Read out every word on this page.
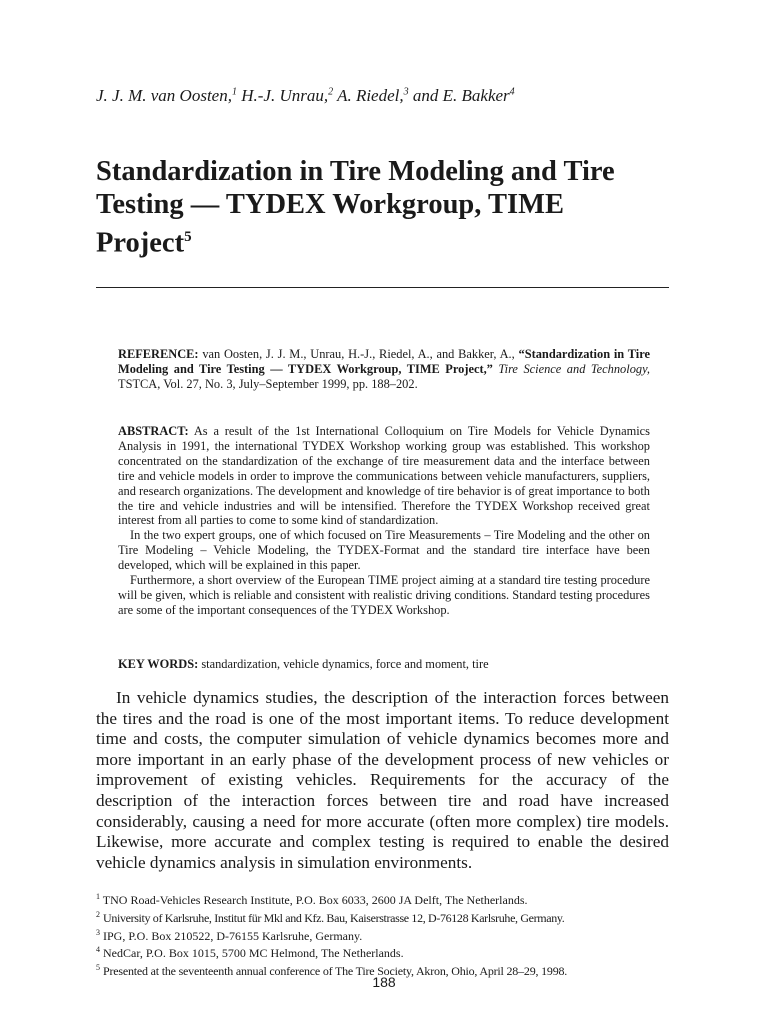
J. J. M. van Oosten,$^1$ H.-J. Unrau,$^2$ A. Riedel,$^3$ and E. Bakker$^4$
Standardization in Tire Modeling and Tire
Testing — TYDEX Workgroup, TIME
Project$^5$
REFERENCE: van Oosten, J. J. M., Unrau, H.-J., Riedel, A., and Bakker, A., “Standardization in Tire Modeling and Tire Testing — TYDEX Workgroup, TIME Project,” Tire Science and Technology, TSTCA, Vol. 27, No. 3, July–September 1999, pp. 188–202.

ABSTRACT: As a result of the 1st International Colloquium on Tire Models for Vehicle Dynamics Analysis in 1991, the international TYDEX Workshop working group was established. This workshop concentrated on the standardization of the exchange of tire measurement data and the interface between tire and vehicle models in order to improve the communications between vehicle manufacturers, suppliers, and research organizations. The development and knowledge of tire behavior is of great importance to both the tire and vehicle industries and will be intensified. Therefore the TYDEX Workshop received great interest from all parties to come to some kind of standardization.

In the two expert groups, one of which focused on Tire Measurements – Tire Modeling and the other on Tire Modeling – Vehicle Modeling, the TYDEX-Format and the standard tire interface have been developed, which will be explained in this paper.

Furthermore, a short overview of the European TIME project aiming at a standard tire testing procedure will be given, which is reliable and consistent with realistic driving conditions. Standard testing procedures are some of the important consequences of the TYDEX Workshop.

KEY WORDS: standardization, vehicle dynamics, force and moment, tire

In vehicle dynamics studies, the description of the interaction forces between the tires and the road is one of the most important items. To reduce development time and costs, the computer simulation of vehicle dynamics becomes more and more important in an early phase of the development process of new vehicles or improvement of existing vehicles. Requirements for the accuracy of the description of the interaction forces between tire and road have increased considerably, causing a need for more accurate (often more complex) tire models. Likewise, more accurate and complex testing is required to enable the desired vehicle dynamics analysis in simulation environments.

$^1$ TNO Road-Vehicles Research Institute, P.O. Box 6033, 2600 JA Delft, The Netherlands.
$^2$ University of Karlsruhe, Institut für Mkl and Kfz. Bau, Kaiserstrasse 12, D-76128 Karlsruhe, Germany.
$^3$ IPG, P.O. Box 210522, D-76155 Karlsruhe, Germany.
$^4$ NedCar, P.O. Box 1015, 5700 MC Helmond, The Netherlands.
$^5$ Presented at the seventeenth annual conference of The Tire Society, Akron, Ohio, April 28–29, 1998.
188
